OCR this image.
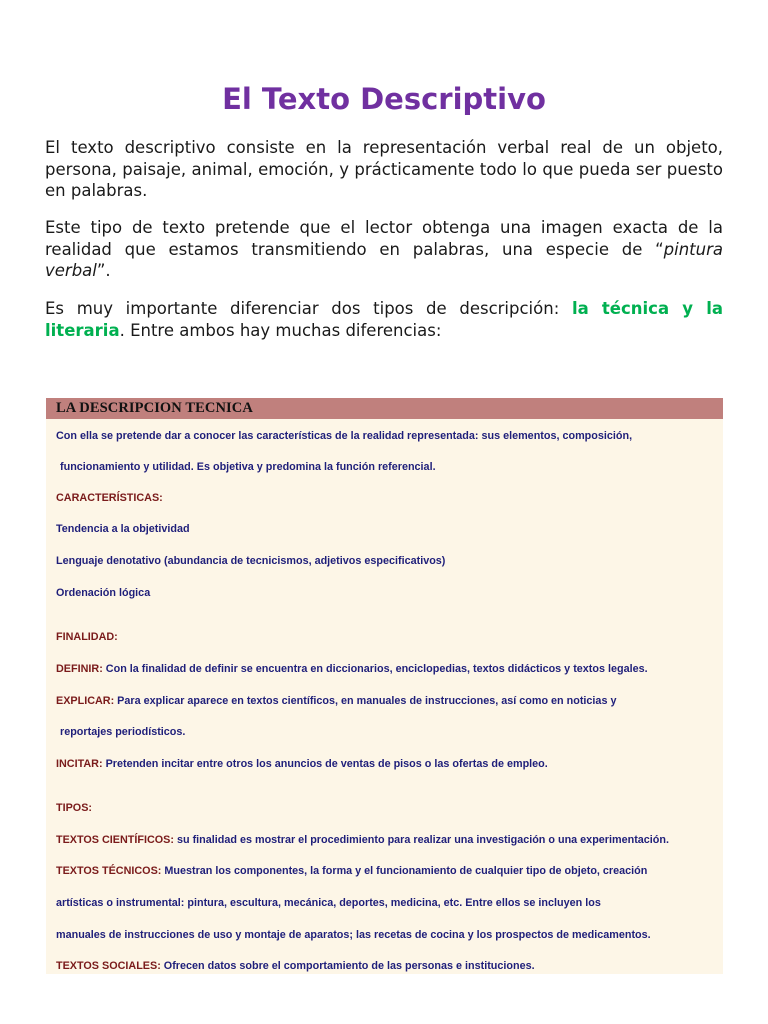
El Texto Descriptivo

El texto descriptivo consiste en la representación verbal real de un objeto, persona, paisaje, animal, emoción, y prácticamente todo lo que pueda ser puesto en palabras.

Este tipo de texto pretende que el lector obtenga una imagen exacta de la realidad que estamos transmitiendo en palabras, una especie de “pintura verbal”.

Es muy importante diferenciar dos tipos de descripción: la técnica y la literaria. Entre ambos hay muchas diferencias:

LA DESCRIPCION TECNICA
Con ella se pretende dar a conocer las características de la realidad representada: sus elementos, composición,
funcionamiento y utilidad. Es objetiva y predomina la función referencial.
CARACTERÍSTICAS:
Tendencia a la objetividad
Lenguaje denotativo (abundancia de tecnicismos, adjetivos especificativos)
Ordenación lógica
FINALIDAD:
DEFINIR: Con la finalidad de definir se encuentra en diccionarios, enciclopedias, textos didácticos y textos legales.
EXPLICAR: Para explicar aparece en textos científicos, en manuales de instrucciones, así como en noticias y
reportajes periodísticos.
INCITAR: Pretenden incitar entre otros los anuncios de ventas de pisos o las ofertas de empleo.
TIPOS:
TEXTOS CIENTÍFICOS: su finalidad es mostrar el procedimiento para realizar una investigación o una experimentación.
TEXTOS TÉCNICOS: Muestran los componentes, la forma y el funcionamiento de cualquier tipo de objeto, creación
artísticas o instrumental: pintura, escultura, mecánica, deportes, medicina, etc. Entre ellos se incluyen los
manuales de instrucciones de uso y montaje de aparatos; las recetas de cocina y los prospectos de medicamentos.
TEXTOS SOCIALES: Ofrecen datos sobre el comportamiento de las personas e instituciones.
